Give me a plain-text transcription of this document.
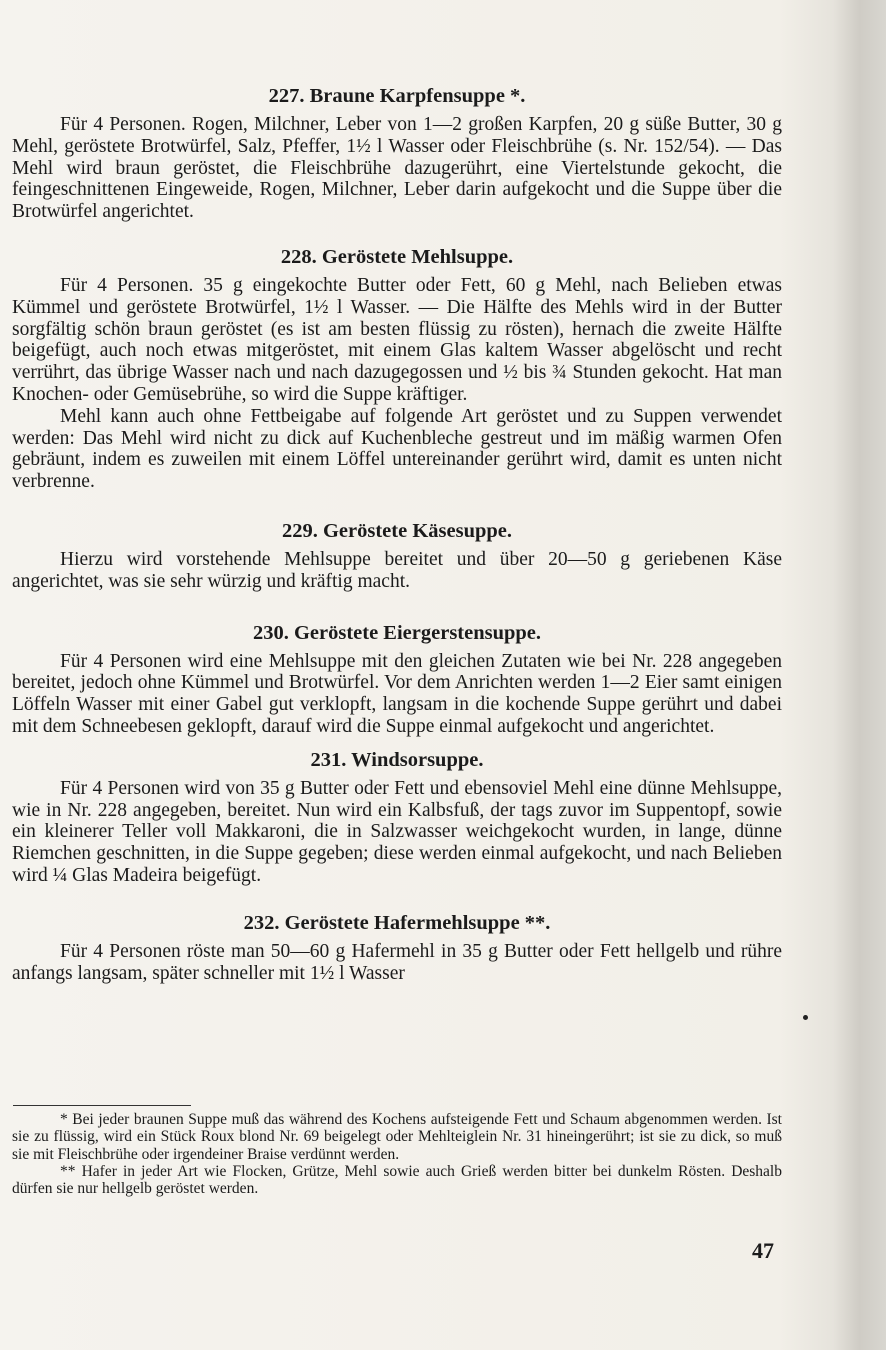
227. Braune Karpfensuppe *.

Für 4 Personen. Rogen, Milchner, Leber von 1—2 großen Karpfen, 20 g süße Butter, 30 g Mehl, geröstete Brotwürfel, Salz, Pfeffer, 1½ l Wasser oder Fleischbrühe (s. Nr. 152/54). — Das Mehl wird braun geröstet, die Fleischbrühe dazugerührt, eine Viertelstunde gekocht, die feingeschnittenen Eingeweide, Rogen, Milchner, Leber darin aufgekocht und die Suppe über die Brotwürfel angerichtet.

228. Geröstete Mehlsuppe.

Für 4 Personen. 35 g eingekochte Butter oder Fett, 60 g Mehl, nach Belieben etwas Kümmel und geröstete Brotwürfel, 1½ l Wasser. — Die Hälfte des Mehls wird in der Butter sorgfältig schön braun geröstet (es ist am besten flüssig zu rösten), hernach die zweite Hälfte beigefügt, auch noch etwas mitgeröstet, mit einem Glas kaltem Wasser abgelöscht und recht verrührt, das übrige Wasser nach und nach dazugegossen und ½ bis ¾ Stunden gekocht. Hat man Knochen- oder Gemüsebrühe, so wird die Suppe kräftiger.

Mehl kann auch ohne Fettbeigabe auf folgende Art geröstet und zu Suppen verwendet werden: Das Mehl wird nicht zu dick auf Kuchenbleche gestreut und im mäßig warmen Ofen gebräunt, indem es zuweilen mit einem Löffel untereinander gerührt wird, damit es unten nicht verbrenne.

229. Geröstete Käsesuppe.

Hierzu wird vorstehende Mehlsuppe bereitet und über 20—50 g geriebenen Käse angerichtet, was sie sehr würzig und kräftig macht.

230. Geröstete Eiergerstensuppe.

Für 4 Personen wird eine Mehlsuppe mit den gleichen Zutaten wie bei Nr. 228 angegeben bereitet, jedoch ohne Kümmel und Brotwürfel. Vor dem Anrichten werden 1—2 Eier samt einigen Löffeln Wasser mit einer Gabel gut verklopft, langsam in die kochende Suppe gerührt und dabei mit dem Schneebesen geklopft, darauf wird die Suppe einmal aufgekocht und angerichtet.

231. Windsorsuppe.

Für 4 Personen wird von 35 g Butter oder Fett und ebensoviel Mehl eine dünne Mehlsuppe, wie in Nr. 228 angegeben, bereitet. Nun wird ein Kalbsfuß, der tags zuvor im Suppentopf, sowie ein kleinerer Teller voll Makkaroni, die in Salzwasser weichgekocht wurden, in lange, dünne Riemchen geschnitten, in die Suppe gegeben; diese werden einmal aufgekocht, und nach Belieben wird ¼ Glas Madeira beigefügt.

232. Geröstete Hafermehlsuppe **.

Für 4 Personen röste man 50—60 g Hafermehl in 35 g Butter oder Fett hellgelb und rühre anfangs langsam, später schneller mit 1½ l Wasser

* Bei jeder braunen Suppe muß das während des Kochens aufsteigende Fett und Schaum abgenommen werden. Ist sie zu flüssig, wird ein Stück Roux blond Nr. 69 beigelegt oder Mehlteiglein Nr. 31 hineingerührt; ist sie zu dick, so muß sie mit Fleischbrühe oder irgendeiner Braise verdünnt werden.

** Hafer in jeder Art wie Flocken, Grütze, Mehl sowie auch Grieß werden bitter bei dunkelm Rösten. Deshalb dürfen sie nur hellgelb geröstet werden.

47
